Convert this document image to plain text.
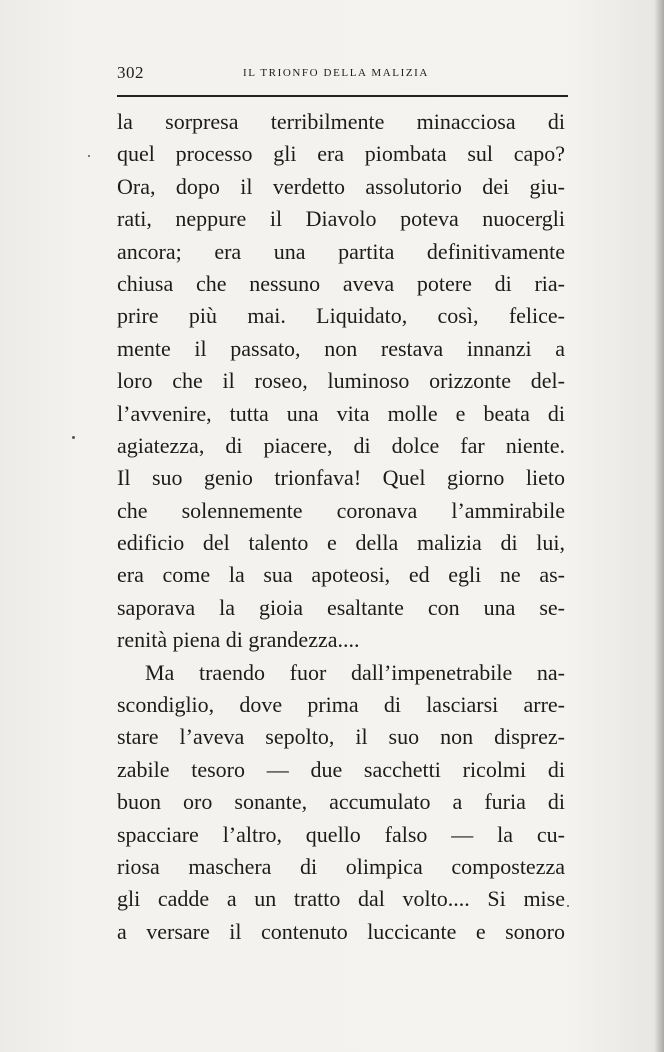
302	IL TRIONFO DELLA MALIZIA
la sorpresa terribilmente minacciosa di
quel processo gli era piombata sul capo?
Ora, dopo il verdetto assolutorio dei giu-
rati, neppure il Diavolo poteva nuocergli
ancora; era una partita definitivamente
chiusa che nessuno aveva potere di ria-
prire più mai. Liquidato, così, felice-
mente il passato, non restava innanzi a
loro che il roseo, luminoso orizzonte del-
l’avvenire, tutta una vita molle e beata di
agiatezza, di piacere, di dolce far niente.
Il suo genio trionfava! Quel giorno lieto
che solennemente coronava l’ammirabile
edificio del talento e della malizia di lui,
era come la sua apoteosi, ed egli ne as-
saporava la gioia esaltante con una se-
renità piena di grandezza....
Ma traendo fuor dall’impenetrabile na-
scondiglio, dove prima di lasciarsi arre-
stare l’aveva sepolto, il suo non disprez-
zabile tesoro — due sacchetti ricolmi di
buon oro sonante, accumulato a furia di
spacciare l’altro, quello falso — la cu-
riosa maschera di olimpica compostezza
gli cadde a un tratto dal volto.... Si mise
a versare il contenuto luccicante e sonoro
